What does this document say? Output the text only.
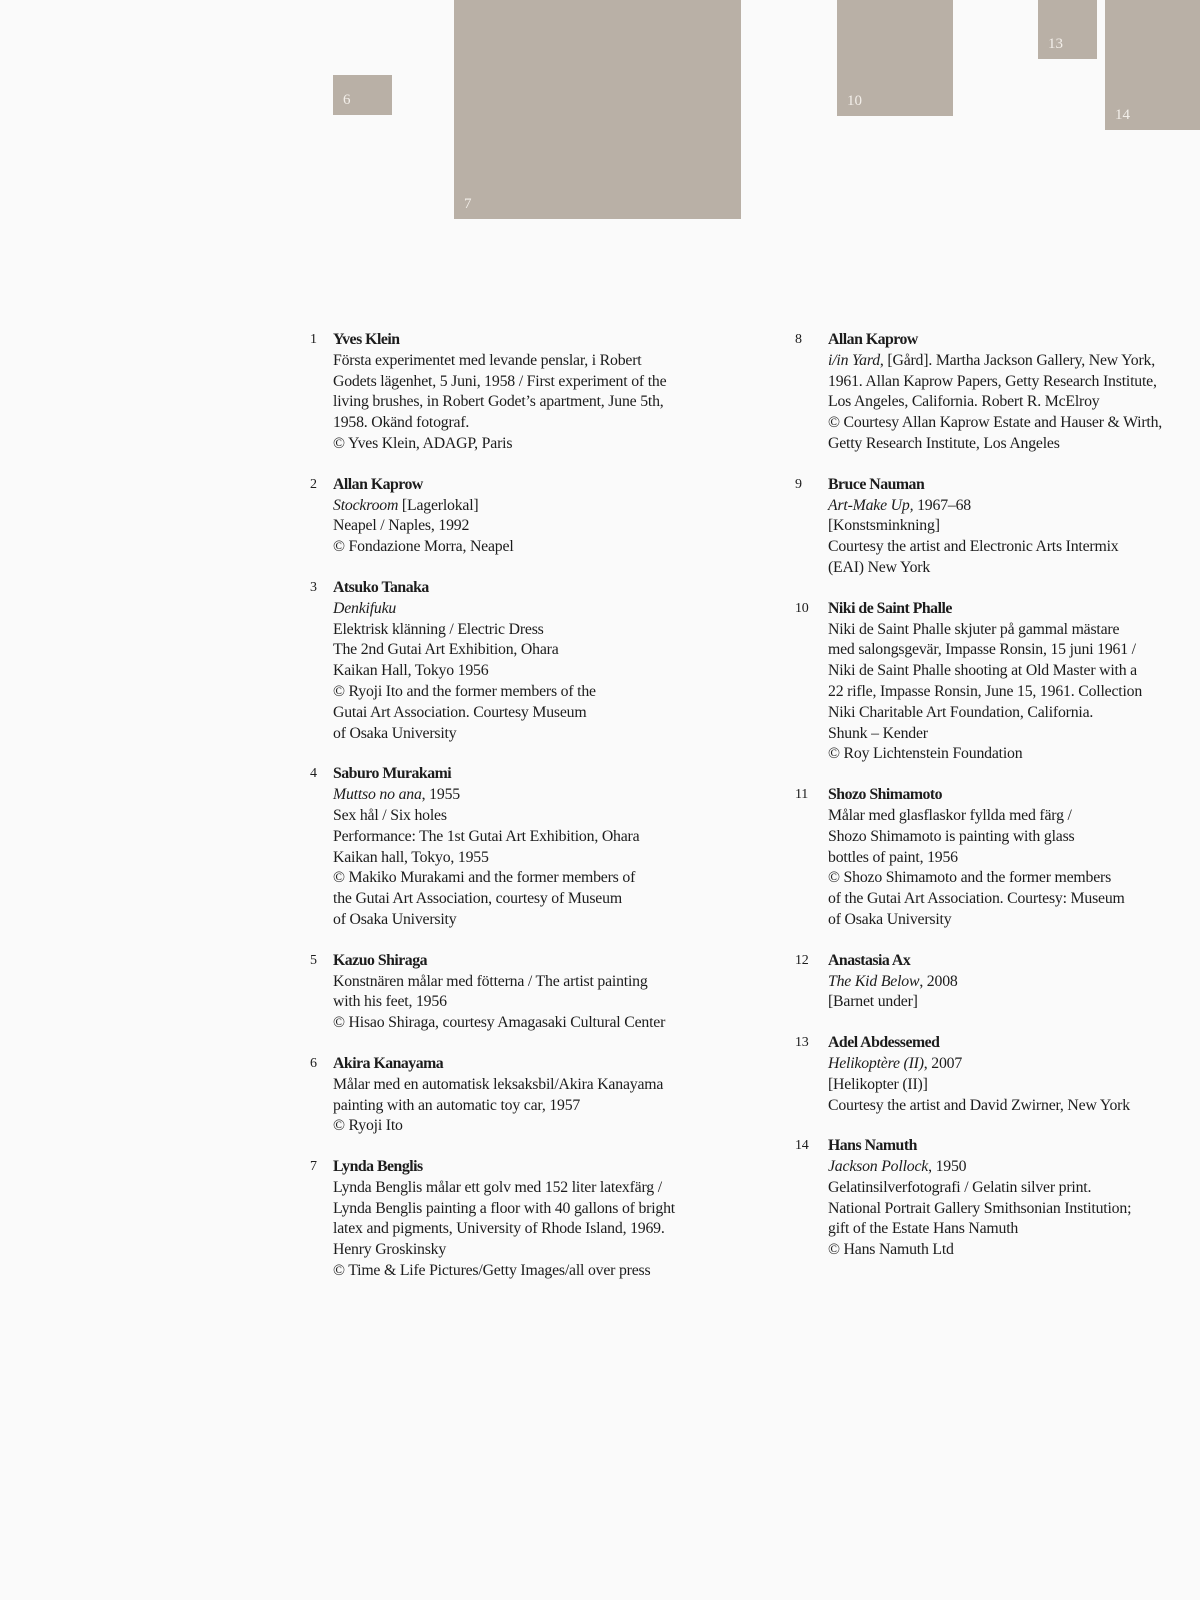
6
7
10
13
14
1	Yves Klein
Första experimentet med levande penslar, i Robert
Godets lägenhet, 5 Juni, 1958 / First experiment of the
living brushes, in Robert Godet’s apartment, June 5th,
1958. Okänd fotograf.
© Yves Klein, ADAGP, Paris
2	Allan Kaprow
Stockroom [Lagerlokal]
Neapel / Naples, 1992
© Fondazione Morra, Neapel
3	Atsuko Tanaka
Denkifuku
Elektrisk klänning / Electric Dress
The 2nd Gutai Art Exhibition, Ohara
Kaikan Hall, Tokyo 1956
© Ryoji Ito and the former members of the
Gutai Art Association. Courtesy Museum
of Osaka University
4	Saburo Murakami
Muttso no ana, 1955
Sex hål / Six holes
Performance: The 1st Gutai Art Exhibition, Ohara
Kaikan hall, Tokyo, 1955
© Makiko Murakami and the former members of
the Gutai Art Association, courtesy of Museum
of Osaka University
5	Kazuo Shiraga
Konstnären målar med fötterna / The artist painting
with his feet, 1956
© Hisao Shiraga, courtesy Amagasaki Cultural Center
6	Akira Kanayama
Målar med en automatisk leksaksbil/Akira Kanayama
painting with an automatic toy car, 1957
© Ryoji Ito
7	Lynda Benglis
Lynda Benglis målar ett golv med 152 liter latexfärg /
Lynda Benglis painting a floor with 40 gallons of bright
latex and pigments, University of Rhode Island, 1969.
Henry Groskinsky
© Time & Life Pictures/Getty Images/all over press
8	Allan Kaprow
i/in Yard, [Gård]. Martha Jackson Gallery, New York,
1961. Allan Kaprow Papers, Getty Research Institute,
Los Angeles, California. Robert R. McElroy
© Courtesy Allan Kaprow Estate and Hauser & Wirth,
Getty Research Institute, Los Angeles
9	Bruce Nauman
Art-Make Up, 1967–68
[Konstsminkning]
Courtesy the artist and Electronic Arts Intermix
(EAI) New York
10	Niki de Saint Phalle
Niki de Saint Phalle skjuter på gammal mästare
med salongsgevär, Impasse Ronsin, 15 juni 1961 /
Niki de Saint Phalle shooting at Old Master with a
22 rifle, Impasse Ronsin, June 15, 1961. Collection
Niki Charitable Art Foundation, California.
Shunk – Kender
© Roy Lichtenstein Foundation
11	Shozo Shimamoto
Målar med glasflaskor fyllda med färg /
Shozo Shimamoto is painting with glass
bottles of paint, 1956
© Shozo Shimamoto and the former members
of the Gutai Art Association. Courtesy: Museum
of Osaka University
12	Anastasia Ax
The Kid Below, 2008
[Barnet under]
13	Adel Abdessemed
Helikoptère (II), 2007
[Helikopter (II)]
Courtesy the artist and David Zwirner, New York
14	Hans Namuth
Jackson Pollock, 1950
Gelatinsilverfotografi / Gelatin silver print.
National Portrait Gallery Smithsonian Institution;
gift of the Estate Hans Namuth
© Hans Namuth Ltd
